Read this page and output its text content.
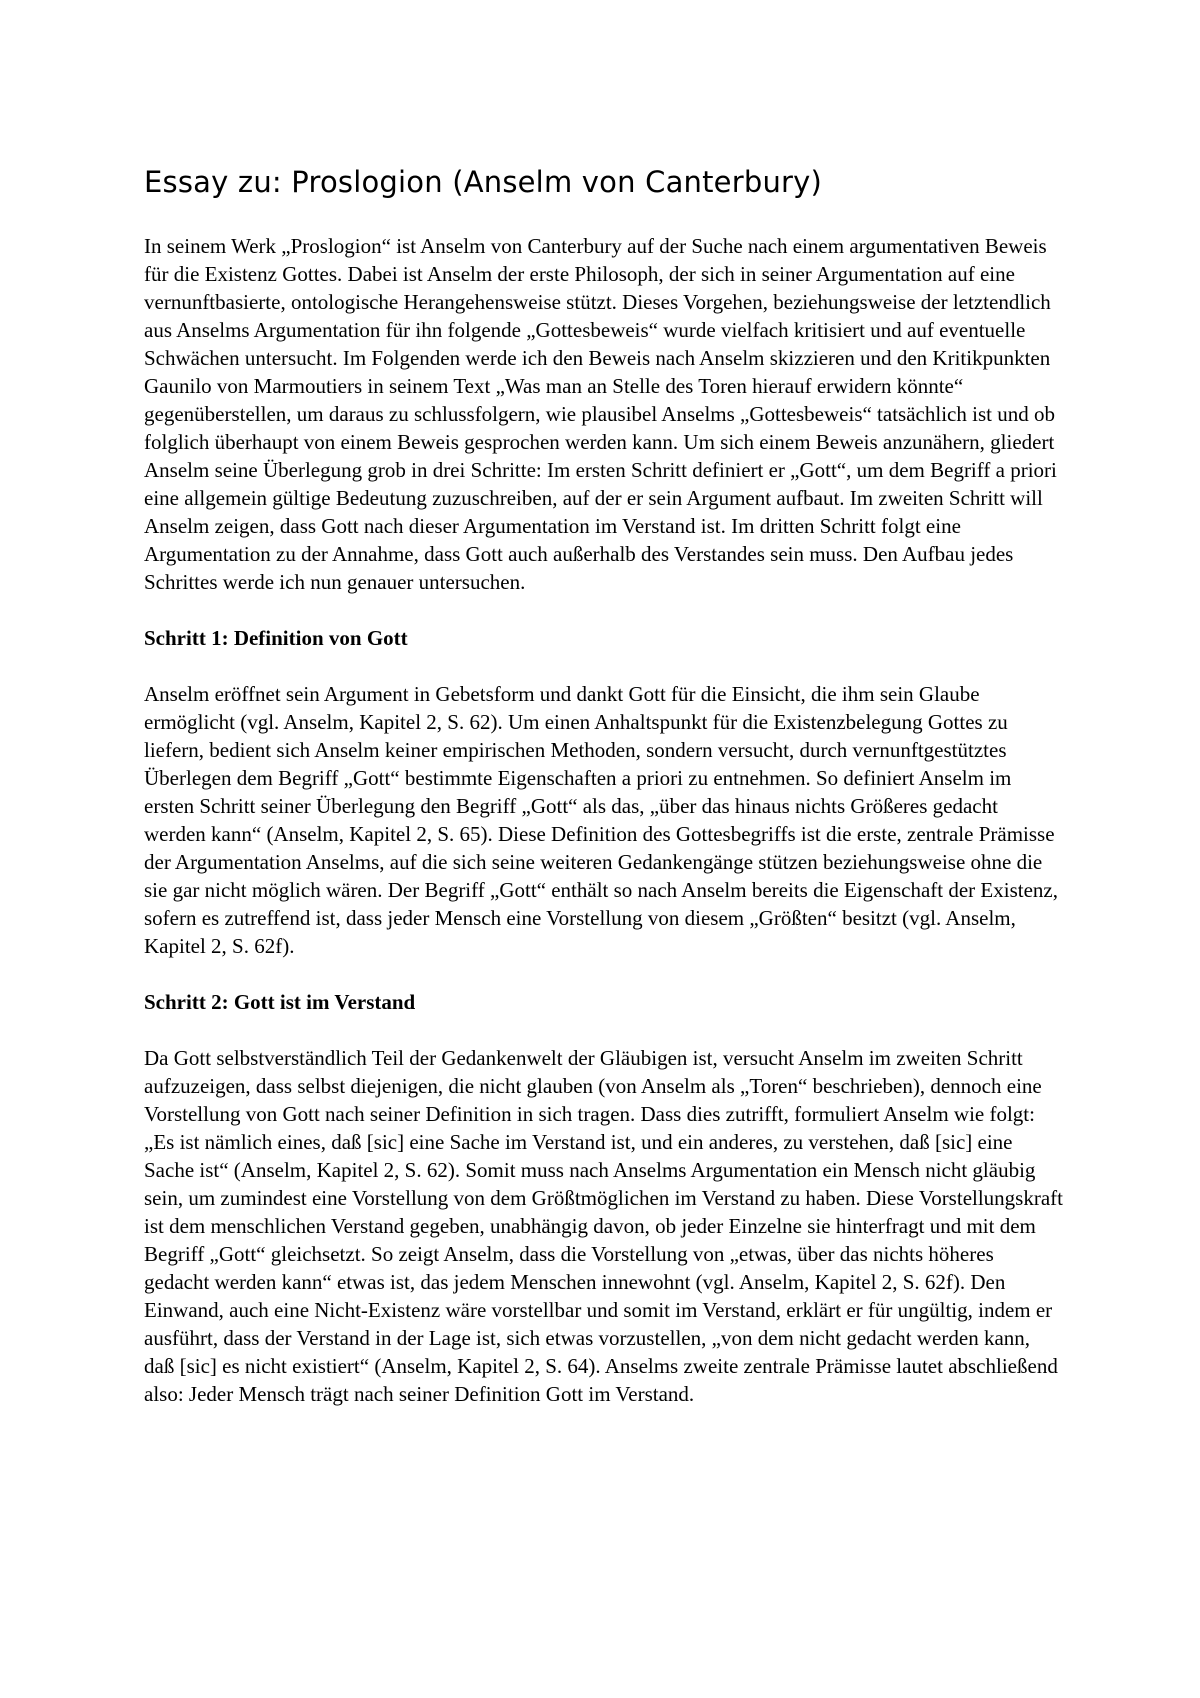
Essay zu: Proslogion (Anselm von Canterbury)

In seinem Werk „Proslogion“ ist Anselm von Canterbury auf der Suche nach einem argumentativen Beweis für die Existenz Gottes. Dabei ist Anselm der erste Philosoph, der sich in seiner Argumentation auf eine vernunftbasierte, ontologische Herangehensweise stützt. Dieses Vorgehen, beziehungsweise der letztendlich aus Anselms Argumentation für ihn folgende „Gottesbeweis“ wurde vielfach kritisiert und auf eventuelle Schwächen untersucht. Im Folgenden werde ich den Beweis nach Anselm skizzieren und den Kritikpunkten Gaunilo von Marmoutiers in seinem Text „Was man an Stelle des Toren hierauf erwidern könnte“ gegenüberstellen, um daraus zu schlussfolgern, wie plausibel Anselms „Gottesbeweis“ tatsächlich ist und ob folglich überhaupt von einem Beweis gesprochen werden kann. Um sich einem Beweis anzunähern, gliedert Anselm seine Überlegung grob in drei Schritte: Im ersten Schritt definiert er „Gott“, um dem Begriff a priori eine allgemein gültige Bedeutung zuzuschreiben, auf der er sein Argument aufbaut. Im zweiten Schritt will Anselm zeigen, dass Gott nach dieser Argumentation im Verstand ist. Im dritten Schritt folgt eine Argumentation zu der Annahme, dass Gott auch außerhalb des Verstandes sein muss. Den Aufbau jedes Schrittes werde ich nun genauer untersuchen.

Schritt 1: Definition von Gott

Anselm eröffnet sein Argument in Gebetsform und dankt Gott für die Einsicht, die ihm sein Glaube ermöglicht (vgl. Anselm, Kapitel 2, S. 62). Um einen Anhaltspunkt für die Existenzbelegung Gottes zu liefern, bedient sich Anselm keiner empirischen Methoden, sondern versucht, durch vernunftgestütztes Überlegen dem Begriff „Gott“ bestimmte Eigenschaften a priori zu entnehmen. So definiert Anselm im ersten Schritt seiner Überlegung den Begriff „Gott“ als das, „über das hinaus nichts Größeres gedacht werden kann“ (Anselm, Kapitel 2, S. 65). Diese Definition des Gottesbegriffs ist die erste, zentrale Prämisse der Argumentation Anselms, auf die sich seine weiteren Gedankengänge stützen beziehungsweise ohne die sie gar nicht möglich wären. Der Begriff „Gott“ enthält so nach Anselm bereits die Eigenschaft der Existenz, sofern es zutreffend ist, dass jeder Mensch eine Vorstellung von diesem „Größten“ besitzt (vgl. Anselm, Kapitel 2, S. 62f).

Schritt 2: Gott ist im Verstand

Da Gott selbstverständlich Teil der Gedankenwelt der Gläubigen ist, versucht Anselm im zweiten Schritt aufzuzeigen, dass selbst diejenigen, die nicht glauben (von Anselm als „Toren“ beschrieben), dennoch eine Vorstellung von Gott nach seiner Definition in sich tragen. Dass dies zutrifft, formuliert Anselm wie folgt: „Es ist nämlich eines, daß [sic] eine Sache im Verstand ist, und ein anderes, zu verstehen, daß [sic] eine Sache ist“ (Anselm, Kapitel 2, S. 62). Somit muss nach Anselms Argumentation ein Mensch nicht gläubig sein, um zumindest eine Vorstellung von dem Größtmöglichen im Verstand zu haben. Diese Vorstellungskraft ist dem menschlichen Verstand gegeben, unabhängig davon, ob jeder Einzelne sie hinterfragt und mit dem Begriff „Gott“ gleichsetzt. So zeigt Anselm, dass die Vorstellung von „etwas, über das nichts höheres gedacht werden kann“ etwas ist, das jedem Menschen innewohnt (vgl. Anselm, Kapitel 2, S. 62f). Den Einwand, auch eine Nicht-Existenz wäre vorstellbar und somit im Verstand, erklärt er für ungültig, indem er ausführt, dass der Verstand in der Lage ist, sich etwas vorzustellen, „von dem nicht gedacht werden kann, daß [sic] es nicht existiert“ (Anselm, Kapitel 2, S. 64). Anselms zweite zentrale Prämisse lautet abschließend also: Jeder Mensch trägt nach seiner Definition Gott im Verstand.
